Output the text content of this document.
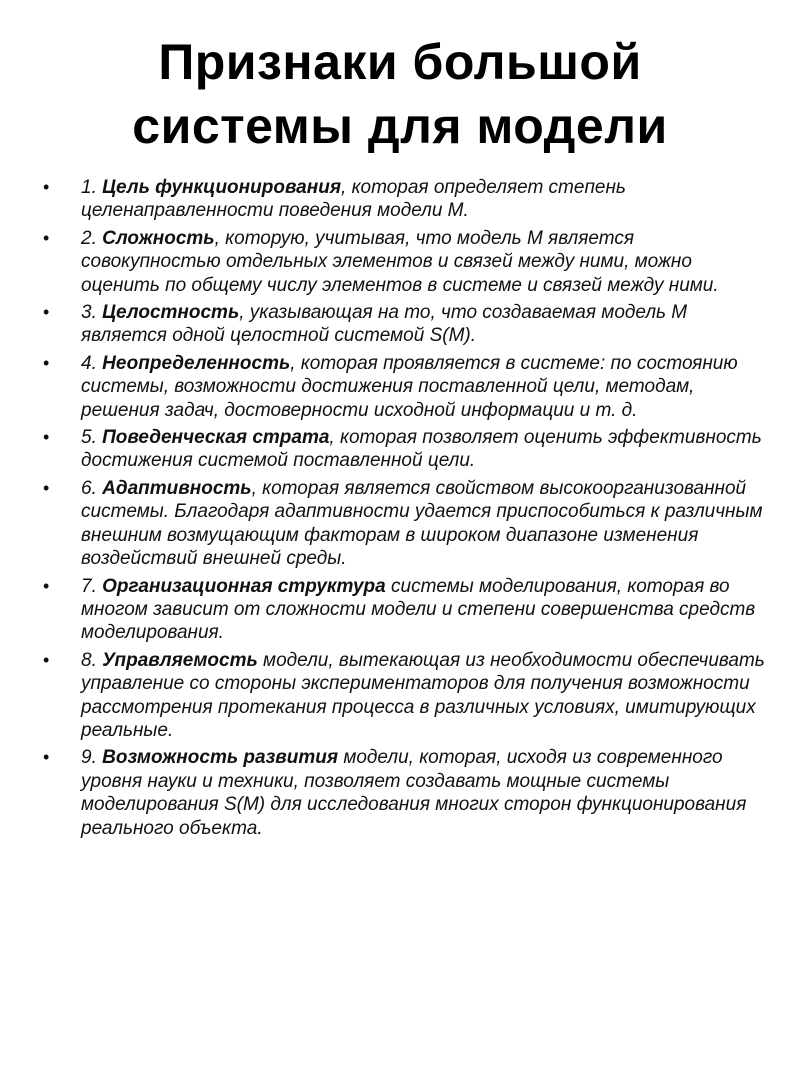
Признаки большой
системы для модели
• 1. Цель функционирования, которая определяет степень целенаправленности поведения модели М.
• 2. Сложность, которую, учитывая, что модель М является совокупностью отдельных элементов и связей между ними, можно оценить по общему числу элементов в системе и связей между ними.
• 3. Целостность, указывающая на то, что создаваемая модель М является одной целостной системой S(M).
• 4. Неопределенность, которая проявляется в системе: по состоянию системы, возможности достижения поставленной цели, методам, решения задач, достоверности исходной информации и т. д.
• 5. Поведенческая страта, которая позволяет оценить эффективность достижения системой поставленной цели.
• 6. Адаптивность, которая является свойством высокоорганизованной системы. Благодаря адаптивности удается приспособиться к различным внешним возмущающим факторам в широком диапазоне изменения воздействий внешней среды.
• 7. Организационная структура системы моделирования, которая во многом зависит от сложности модели и степени совершенства средств моделирования.
• 8. Управляемость модели, вытекающая из необходимости обеспечивать управление со стороны экспериментаторов для получения возможности рассмотрения протекания процесса в различных условиях, имитирующих реальные.
• 9. Возможность развития модели, которая, исходя из современного уровня науки и техники, позволяет создавать мощные системы моделирования S(M) для исследования многих сторон функционирования реального объекта.
